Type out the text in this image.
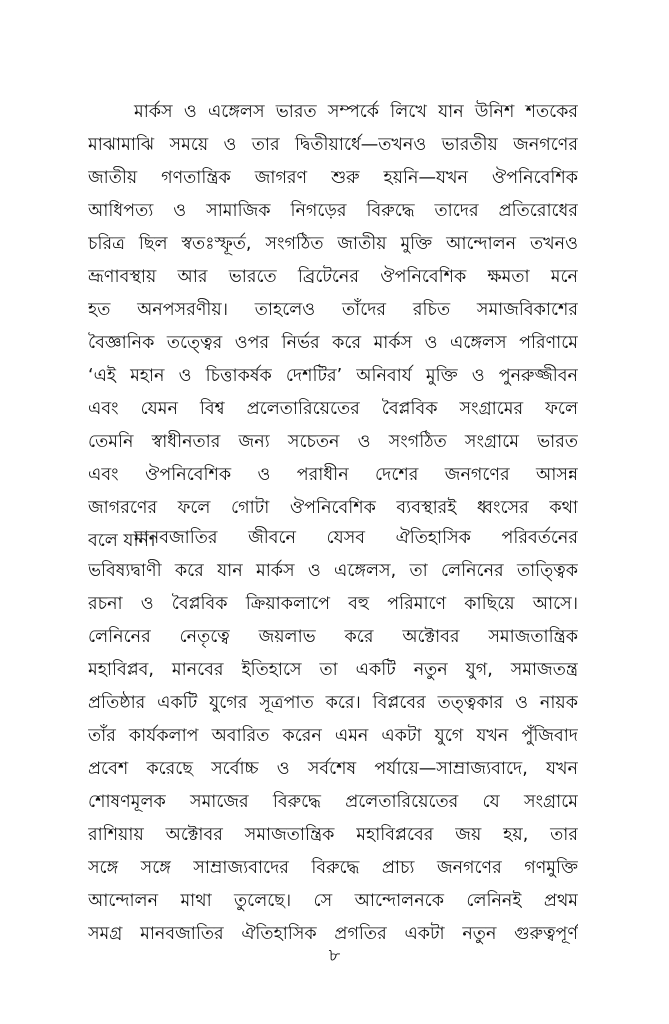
মার্কস ও এঙ্গেলস ভারত সম্পর্কে লিখে যান উনিশ শতকের
মাঝামাঝি সময়ে ও তার দ্বিতীয়ার্ধে—তখনও ভারতীয় জনগণের
জাতীয় গণতান্ত্রিক জাগরণ শুরু হয়নি—যখন ঔপনিবেশিক
আধিপত্য ও সামাজিক নিগড়ের বিরুদ্ধে তাদের প্রতিরোধের
চরিত্র ছিল স্বতঃস্ফূর্ত, সংগঠিত জাতীয় মুক্তি আন্দোলন তখনও
ভ্রূণাবস্থায় আর ভারতে ব্রিটেনের ঔপনিবেশিক ক্ষমতা মনে
হত অনপসরণীয়। তাহলেও তাঁদের রচিত সমাজবিকাশের
বৈজ্ঞানিক তত্ত্বের ওপর নির্ভর করে মার্কস ও এঙ্গেলস পরিণামে
‘এই মহান ও চিত্তাকর্ষক দেশটির’ অনিবার্য মুক্তি ও পুনরুজ্জীবন
এবং যেমন বিশ্ব প্রলেতারিয়েতের বৈপ্লবিক সংগ্রামের ফলে
তেমনি স্বাধীনতার জন্য সচেতন ও সংগঠিত সংগ্রামে ভারত
এবং ঔপনিবেশিক ও পরাধীন দেশের জনগণের আসন্ন
জাগরণের ফলে গোটা ঔপনিবেশিক ব্যবস্থারই ধ্বংসের কথা
বলে যান।
মানবজাতির জীবনে যেসব ঐতিহাসিক পরিবর্তনের
ভবিষ্যদ্বাণী করে যান মার্কস ও এঙ্গেলস, তা লেনিনের তাত্ত্বিক
রচনা ও বৈপ্লবিক ক্রিয়াকলাপে বহু পরিমাণে কাছিয়ে আসে।
লেনিনের নেতৃত্বে জয়লাভ করে অক্টোবর সমাজতান্ত্রিক
মহাবিপ্লব, মানবের ইতিহাসে তা একটি নতুন যুগ, সমাজতন্ত্র
প্রতিষ্ঠার একটি যুগের সূত্রপাত করে। বিপ্লবের তত্ত্বকার ও নায়ক
তাঁর কার্যকলাপ অবারিত করেন এমন একটা যুগে যখন পুঁজিবাদ
প্রবেশ করেছে সর্বোচ্চ ও সর্বশেষ পর্যায়ে—সাম্রাজ্যবাদে, যখন
শোষণমূলক সমাজের বিরুদ্ধে প্রলেতারিয়েতের যে সংগ্রামে
রাশিয়ায় অক্টোবর সমাজতান্ত্রিক মহাবিপ্লবের জয় হয়, তার
সঙ্গে সঙ্গে সাম্রাজ্যবাদের বিরুদ্ধে প্রাচ্য জনগণের গণমুক্তি
আন্দোলন মাথা তুলেছে। সে আন্দোলনকে লেনিনই প্রথম
সমগ্র মানবজাতির ঐতিহাসিক প্রগতির একটা নতুন গুরুত্বপূর্ণ
৮
